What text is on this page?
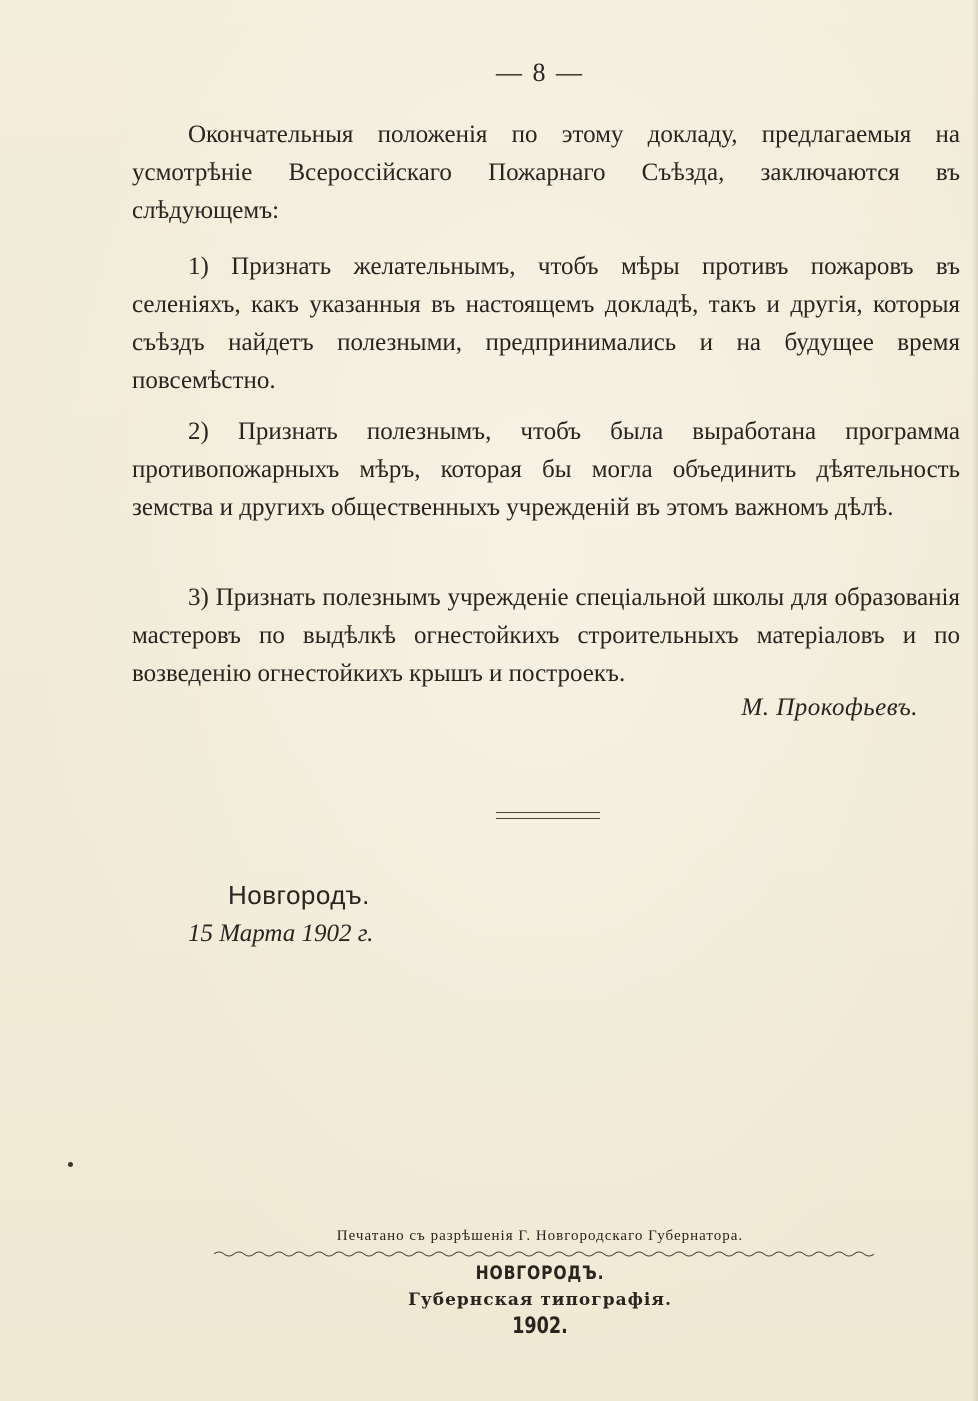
— 8 —

Окончательныя положенія по этому докладу, предлагаемыя на усмотрѣніе Всероссійскаго Пожарнаго Съѣзда, заключаются въ слѣдующемъ:

1) Признать желательнымъ, чтобъ мѣры противъ пожаровъ въ селеніяхъ, какъ указанныя въ настоящемъ докладѣ, такъ и другія, которыя съѣздъ найдетъ полезными, предпринимались и на будущее время повсемѣстно.

2) Признать полезнымъ, чтобъ была выработана программа противопожарныхъ мѣръ, которая бы могла объединить дѣятельность земства и другихъ общественныхъ учрежденій въ этомъ важномъ дѣлѣ.

3) Признать полезнымъ учрежденіе спеціальной школы для образованія мастеровъ по выдѣлкѣ огнестойкихъ строительныхъ матеріаловъ и по возведенію огнестойкихъ крышъ и построекъ.

М. Прокофьевъ.
Новгородъ.
15 Марта 1902 г.
Печатано съ разрѣшенія Г. Новгородскаго Губернатора.
НОВГОРОДЪ.
Губернская типографія.
1902.
